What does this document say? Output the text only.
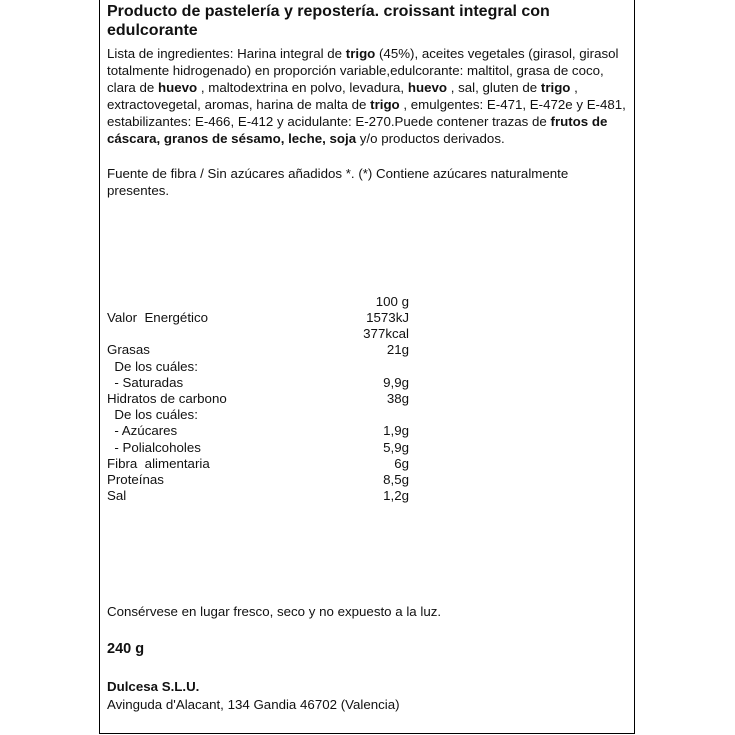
Producto de pastelería y repostería. croissant integral con edulcorante
Lista de ingredientes: Harina integral de trigo (45%), aceites vegetales (girasol, girasol totalmente hidrogenado) en proporción variable,edulcorante: maltitol, grasa de coco, clara de huevo , maltodextrina en polvo, levadura, huevo , sal, gluten de trigo , extractovegetal, aromas, harina de malta de trigo , emulgentes: E-471, E-472e y E-481, estabilizantes: E-466, E-412 y acidulante: E-270.Puede contener trazas de frutos de cáscara, granos de sésamo, leche, soja y/o productos derivados.
Fuente de fibra / Sin azúcares añadidos *. (*) Contiene azúcares naturalmente presentes.
100 g
Valor  Energético	1573kJ
377kcal
Grasas	21g
De los cuáles:
- Saturadas	9,9g
Hidratos de carbono	38g
De los cuáles:
- Azúcares	1,9g
- Polialcoholes	5,9g
Fibra  alimentaria	6g
Proteínas	8,5g
Sal	1,2g
Consérvese en lugar fresco, seco y no expuesto a la luz.
240 g
Dulcesa S.L.U.
Avinguda d'Alacant, 134 Gandia 46702 (Valencia)
